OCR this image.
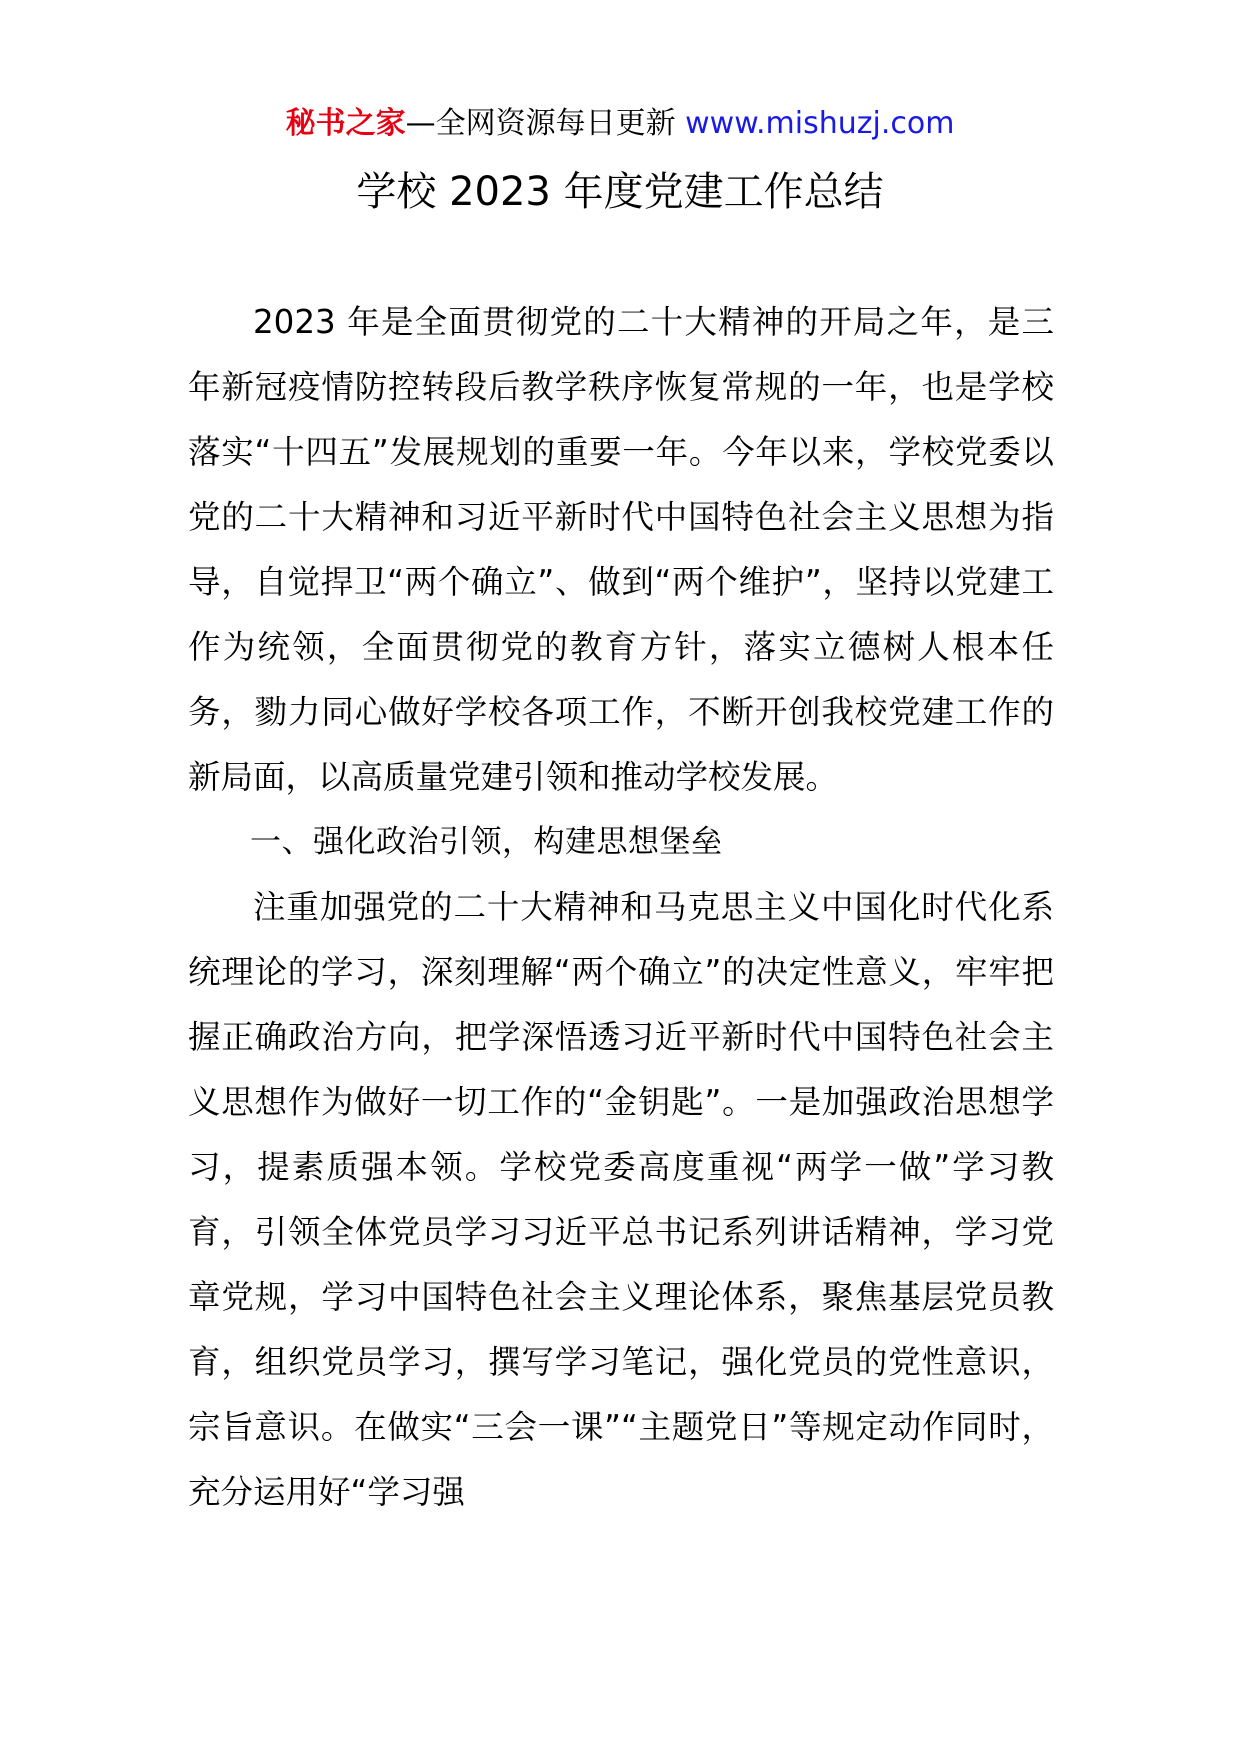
秘书之家—全网资源每日更新 www.mishuzj.com
学校 2023 年度党建工作总结

2023 年是全面贯彻党的二十大精神的开局之年，是三年新冠疫情防控转段后教学秩序恢复常规的一年，也是学校落实“十四五”发展规划的重要一年。今年以来，学校党委以党的二十大精神和习近平新时代中国特色社会主义思想为指导，自觉捍卫“两个确立”、做到“两个维护”，坚持以党建工作为统领，全面贯彻党的教育方针，落实立德树人根本任务，勠力同心做好学校各项工作，不断开创我校党建工作的新局面，以高质量党建引领和推动学校发展。

一、强化政治引领，构建思想堡垒

注重加强党的二十大精神和马克思主义中国化时代化系统理论的学习，深刻理解“两个确立”的决定性意义，牢牢把握正确政治方向，把学深悟透习近平新时代中国特色社会主义思想作为做好一切工作的“金钥匙”。一是加强政治思想学习，提素质强本领。学校党委高度重视“两学一做”学习教育，引领全体党员学习习近平总书记系列讲话精神，学习党章党规，学习中国特色社会主义理论体系，聚焦基层党员教育，组织党员学习，撰写学习笔记，强化党员的党性意识，宗旨意识。在做实“三会一课”“主题党日”等规定动作同时，充分运用好“学习强
